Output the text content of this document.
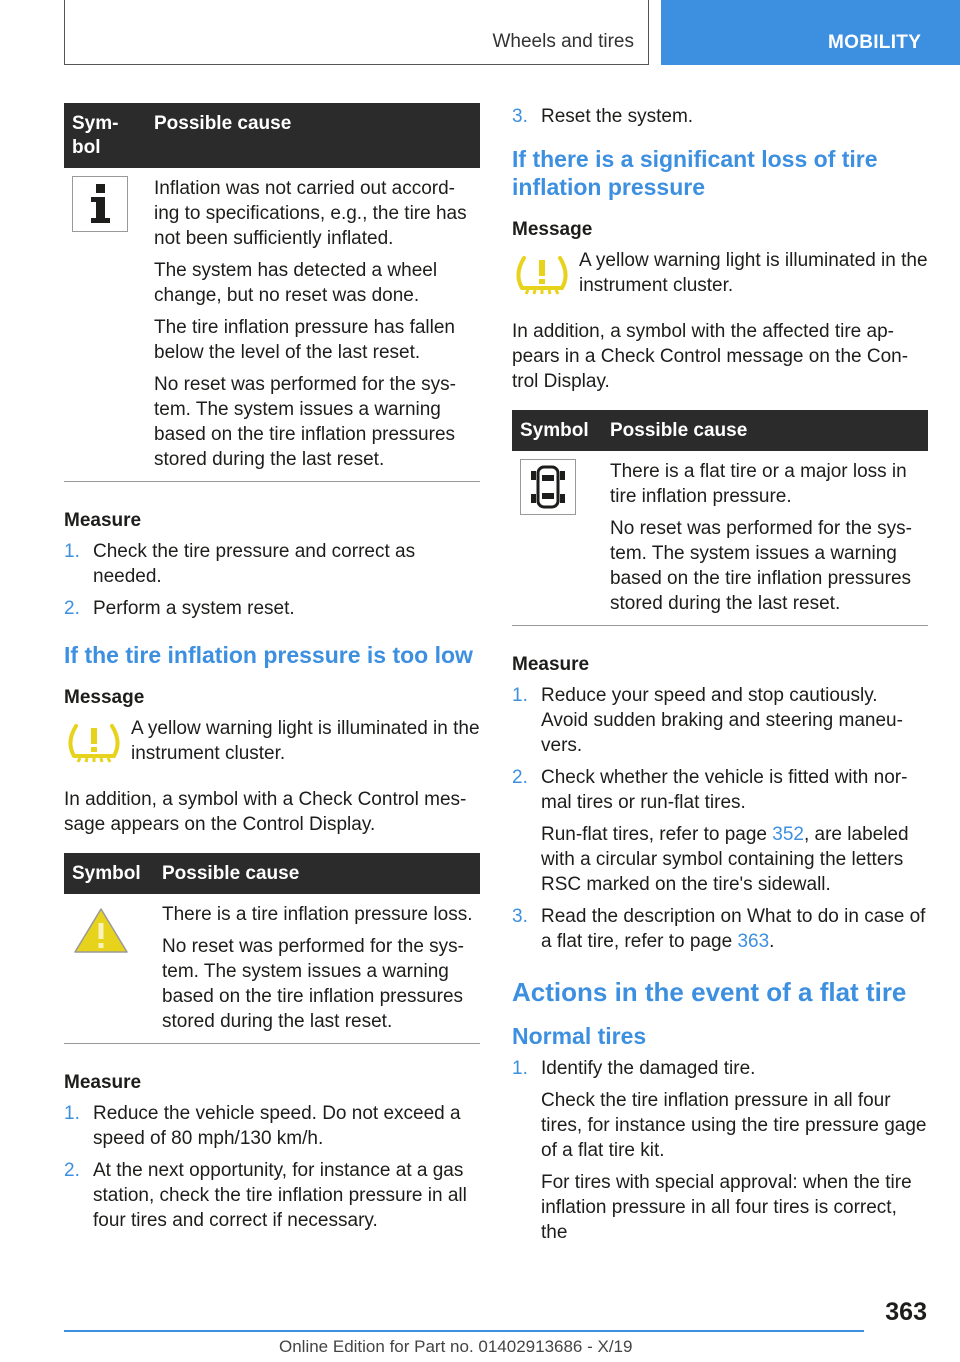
Wheels and tires	MOBILITY
Sym-
bol	Possible cause

Inflation was not carried out accord-ing to specifications, e.g., the tire has not been sufficiently inflated.

The system has detected a wheel change, but no reset was done.

The tire inflation pressure has fallen below the level of the last reset.

No reset was performed for the sys-tem. The system issues a warning based on the tire inflation pressures stored during the last reset.

Measure
1. Check the tire pressure and correct as needed.

2. Perform a system reset.

If the tire inflation pressure is too low
Message
A yellow warning light is illuminated in the instrument cluster.

In addition, a symbol with a Check Control mes-sage appears on the Control Display.

Symbol	Possible cause

There is a tire inflation pressure loss.

No reset was performed for the sys-tem. The system issues a warning based on the tire inflation pressures stored during the last reset.

Measure
1. Reduce the vehicle speed. Do not exceed a speed of 80 mph/130 km/h.

2. At the next opportunity, for instance at a gas station, check the tire inflation pressure in all four tires and correct if necessary.

3. Reset the system.

If there is a significant loss of tire inflation pressure
Message
A yellow warning light is illuminated in the instrument cluster.

In addition, a symbol with the affected tire ap-pears in a Check Control message on the Con-trol Display.

Symbol	Possible cause

There is a flat tire or a major loss in tire inflation pressure.

No reset was performed for the sys-tem. The system issues a warning based on the tire inflation pressures stored during the last reset.

Measure
1. Reduce your speed and stop cautiously. Avoid sudden braking and steering maneu-vers.

2. Check whether the vehicle is fitted with nor-mal tires or run-flat tires.

Run-flat tires, refer to page 352, are labeled with a circular symbol containing the letters RSC marked on the tire's sidewall.

3. Read the description on What to do in case of a flat tire, refer to page 363.

Actions in the event of a flat tire
Normal tires
1. Identify the damaged tire.

Check the tire inflation pressure in all four tires, for instance using the tire pressure gage of a flat tire kit.

For tires with special approval: when the tire inflation pressure in all four tires is correct, the

363
Online Edition for Part no. 01402913686 - X/19
